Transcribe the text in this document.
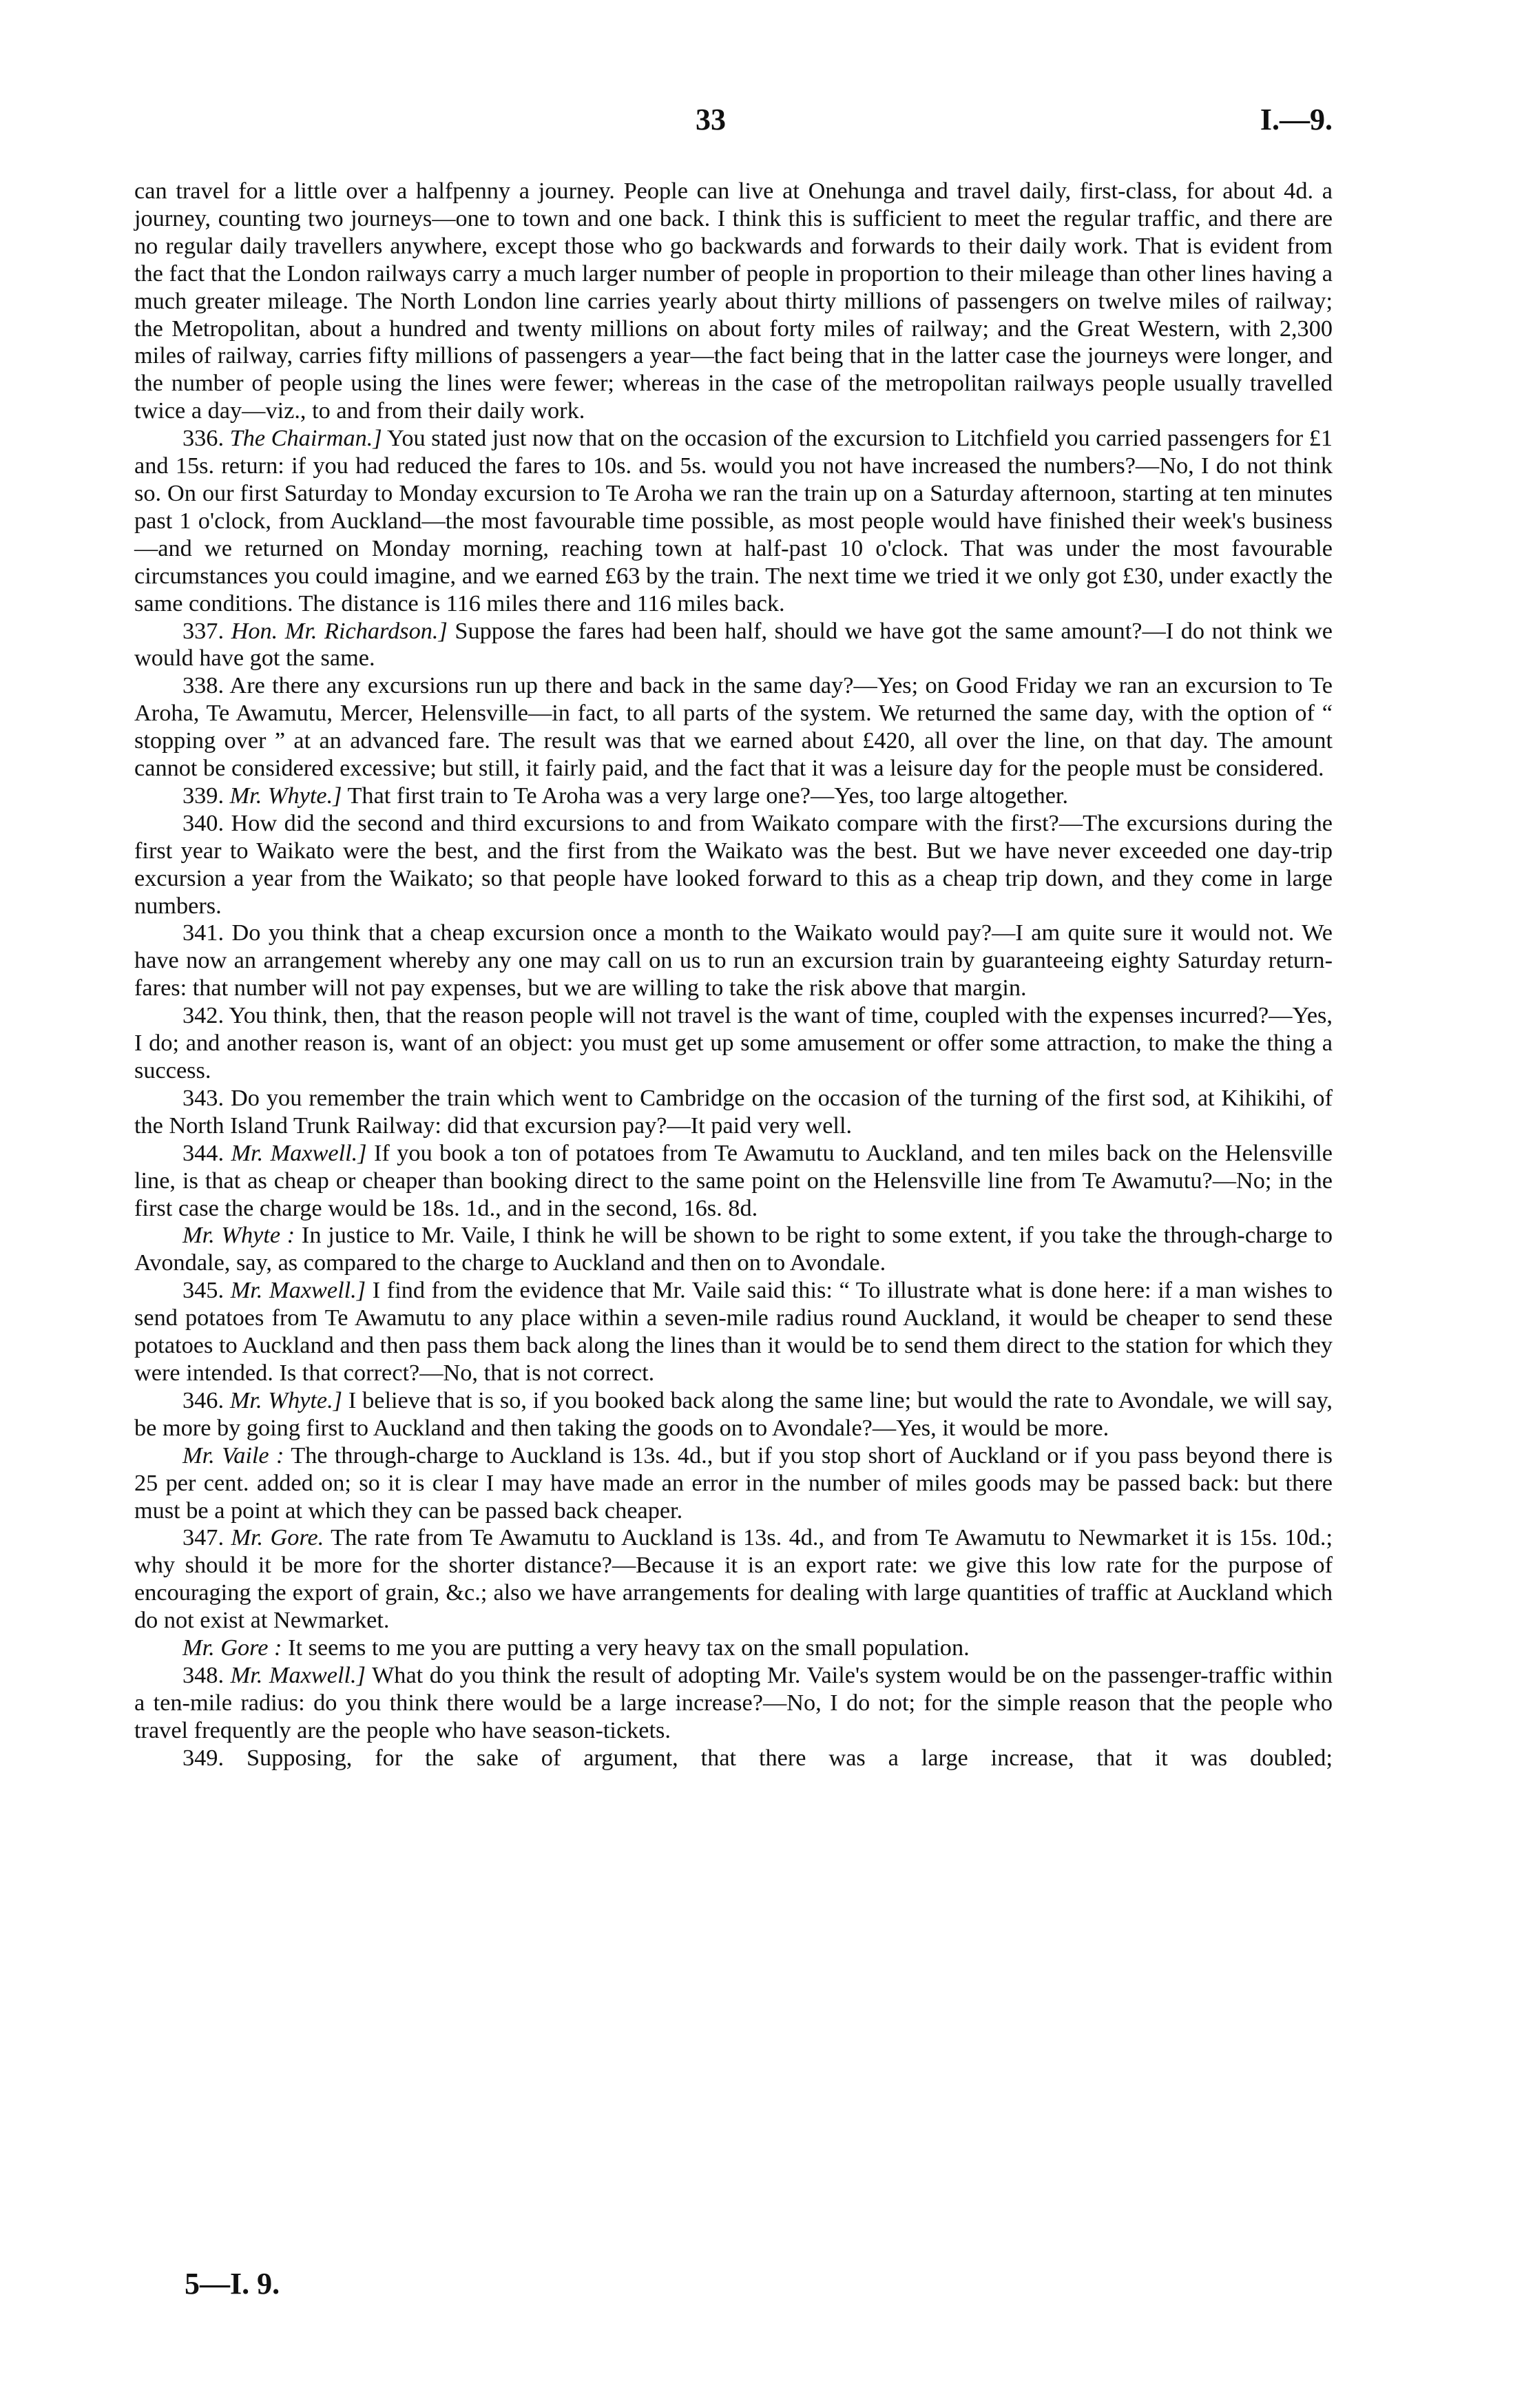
33	I.—9.

can travel for a little over a halfpenny a journey. People can live at Onehunga and travel daily, first-class, for about 4d. a journey, counting two journeys—one to town and one back. I think this is sufficient to meet the regular traffic, and there are no regular daily travellers anywhere, except those who go backwards and forwards to their daily work. That is evident from the fact that the London railways carry a much larger number of people in proportion to their mileage than other lines having a much greater mileage. The North London line carries yearly about thirty millions of passengers on twelve miles of railway; the Metropolitan, about a hundred and twenty millions on about forty miles of railway; and the Great Western, with 2,300 miles of railway, carries fifty millions of passengers a year—the fact being that in the latter case the journeys were longer, and the number of people using the lines were fewer; whereas in the case of the metropolitan railways people usually travelled twice a day—viz., to and from their daily work.

336. The Chairman.] You stated just now that on the occasion of the excursion to Litchfield you carried passengers for £1 and 15s. return: if you had reduced the fares to 10s. and 5s. would you not have increased the numbers?—No, I do not think so. On our first Saturday to Monday excursion to Te Aroha we ran the train up on a Saturday afternoon, starting at ten minutes past 1 o'clock, from Auckland—the most favourable time possible, as most people would have finished their week's business—and we returned on Monday morning, reaching town at half-past 10 o'clock. That was under the most favourable circumstances you could imagine, and we earned £63 by the train. The next time we tried it we only got £30, under exactly the same conditions. The distance is 116 miles there and 116 miles back.

337. Hon. Mr. Richardson.] Suppose the fares had been half, should we have got the same amount?—I do not think we would have got the same.

338. Are there any excursions run up there and back in the same day?—Yes; on Good Friday we ran an excursion to Te Aroha, Te Awamutu, Mercer, Helensville—in fact, to all parts of the system. We returned the same day, with the option of “ stopping over ” at an advanced fare. The result was that we earned about £420, all over the line, on that day. The amount cannot be considered excessive; but still, it fairly paid, and the fact that it was a leisure day for the people must be considered.

339. Mr. Whyte.] That first train to Te Aroha was a very large one?—Yes, too large altogether.

340. How did the second and third excursions to and from Waikato compare with the first?—The excursions during the first year to Waikato were the best, and the first from the Waikato was the best. But we have never exceeded one day-trip excursion a year from the Waikato; so that people have looked forward to this as a cheap trip down, and they come in large numbers.

341. Do you think that a cheap excursion once a month to the Waikato would pay?—I am quite sure it would not. We have now an arrangement whereby any one may call on us to run an excursion train by guaranteeing eighty Saturday return-fares: that number will not pay expenses, but we are willing to take the risk above that margin.

342. You think, then, that the reason people will not travel is the want of time, coupled with the expenses incurred?—Yes, I do; and another reason is, want of an object: you must get up some amusement or offer some attraction, to make the thing a success.

343. Do you remember the train which went to Cambridge on the occasion of the turning of the first sod, at Kihikihi, of the North Island Trunk Railway: did that excursion pay?—It paid very well.

344. Mr. Maxwell.] If you book a ton of potatoes from Te Awamutu to Auckland, and ten miles back on the Helensville line, is that as cheap or cheaper than booking direct to the same point on the Helensville line from Te Awamutu?—No; in the first case the charge would be 18s. 1d., and in the second, 16s. 8d.

Mr. Whyte : In justice to Mr. Vaile, I think he will be shown to be right to some extent, if you take the through-charge to Avondale, say, as compared to the charge to Auckland and then on to Avondale.

345. Mr. Maxwell.] I find from the evidence that Mr. Vaile said this: “ To illustrate what is done here: if a man wishes to send potatoes from Te Awamutu to any place within a seven-mile radius round Auckland, it would be cheaper to send these potatoes to Auckland and then pass them back along the lines than it would be to send them direct to the station for which they were intended. Is that correct?—No, that is not correct.

346. Mr. Whyte.] I believe that is so, if you booked back along the same line; but would the rate to Avondale, we will say, be more by going first to Auckland and then taking the goods on to Avondale?—Yes, it would be more.

Mr. Vaile : The through-charge to Auckland is 13s. 4d., but if you stop short of Auckland or if you pass beyond there is 25 per cent. added on; so it is clear I may have made an error in the number of miles goods may be passed back: but there must be a point at which they can be passed back cheaper.

347. Mr. Gore. The rate from Te Awamutu to Auckland is 13s. 4d., and from Te Awamutu to Newmarket it is 15s. 10d.; why should it be more for the shorter distance?—Because it is an export rate: we give this low rate for the purpose of encouraging the export of grain, &c.; also we have arrangements for dealing with large quantities of traffic at Auckland which do not exist at Newmarket.

Mr. Gore : It seems to me you are putting a very heavy tax on the small population.

348. Mr. Maxwell.] What do you think the result of adopting Mr. Vaile's system would be on the passenger-traffic within a ten-mile radius: do you think there would be a large increase?—No, I do not; for the simple reason that the people who travel frequently are the people who have season-tickets.

349. Supposing, for the sake of argument, that there was a large increase, that it was doubled;

5—I. 9.
